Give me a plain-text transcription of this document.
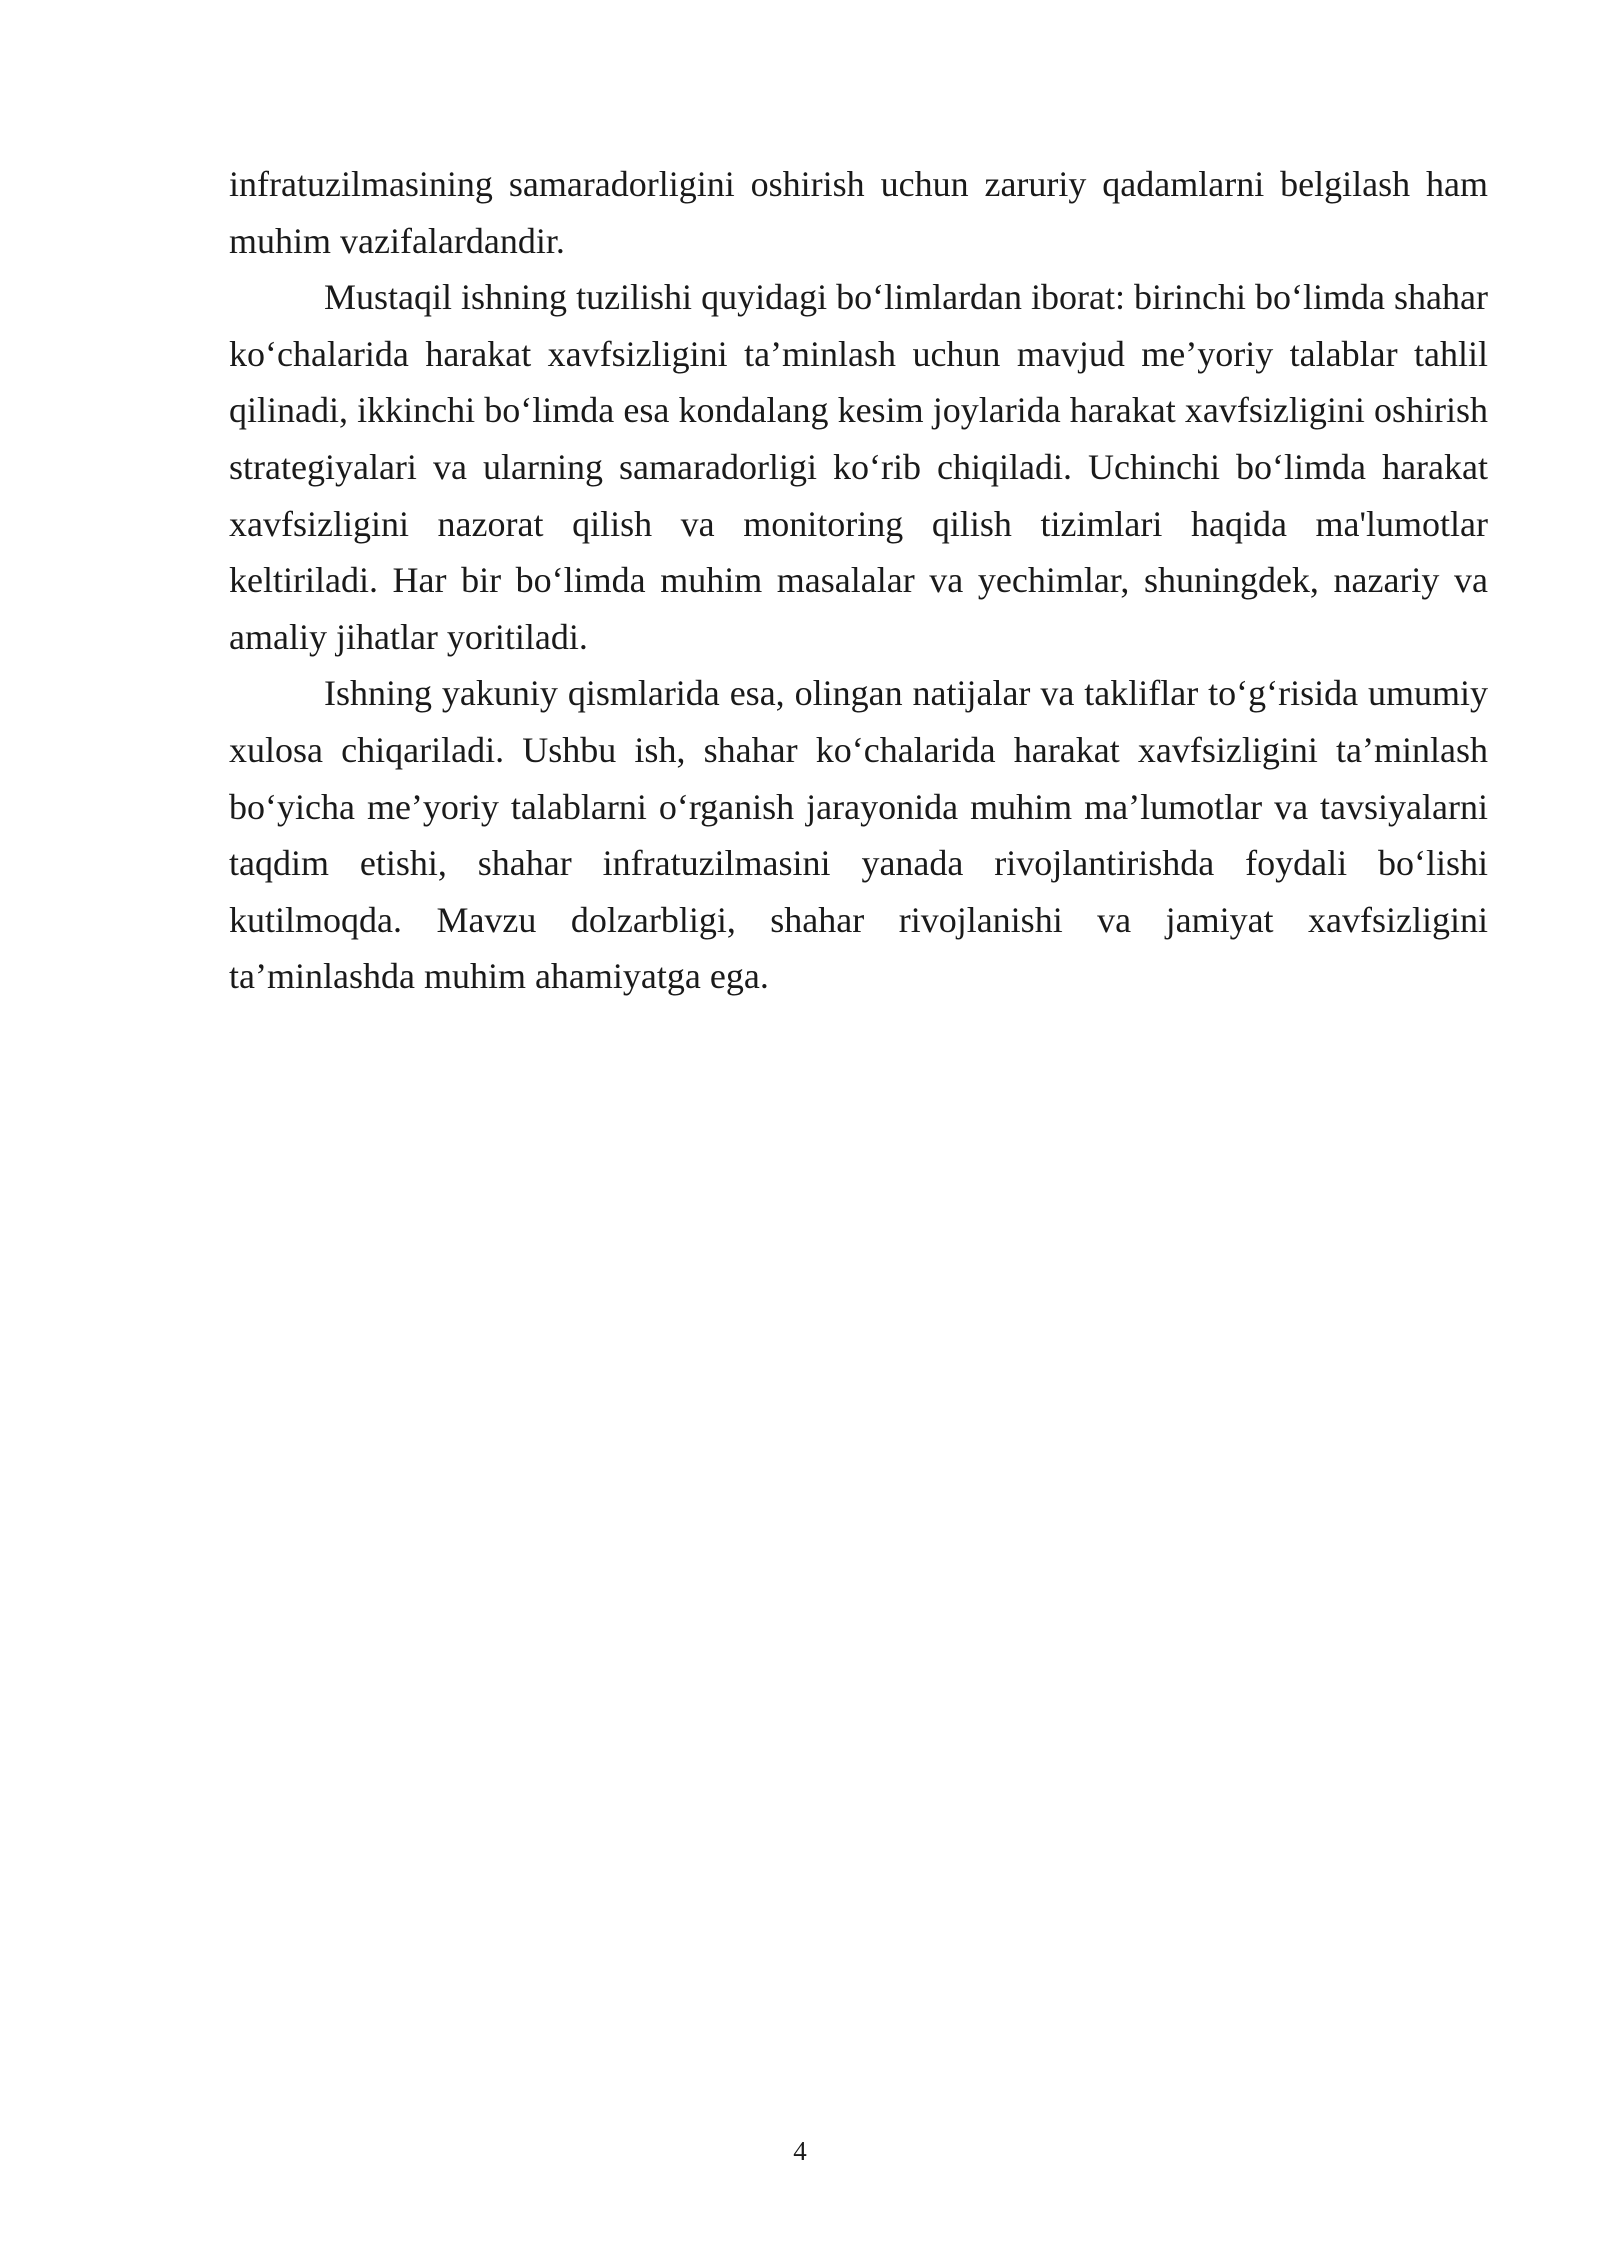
infratuzilmasining samaradorligini oshirish uchun zaruriy qadamlarni belgilash ham muhim vazifalardandir.

Mustaqil ishning tuzilishi quyidagi bo‘limlardan iborat: birinchi bo‘limda shahar ko‘chalarida harakat xavfsizligini ta’minlash uchun mavjud me’yoriy talablar tahlil qilinadi, ikkinchi bo‘limda esa kondalang kesim joylarida harakat xavfsizligini oshirish strategiyalari va ularning samaradorligi ko‘rib chiqiladi. Uchinchi bo‘limda harakat xavfsizligini nazorat qilish va monitoring qilish tizimlari haqida ma'lumotlar keltiriladi. Har bir bo‘limda muhim masalalar va yechimlar, shuningdek, nazariy va amaliy jihatlar yoritiladi.

Ishning yakuniy qismlarida esa, olingan natijalar va takliflar to‘g‘risida umumiy xulosa chiqariladi. Ushbu ish, shahar ko‘chalarida harakat xavfsizligini ta’minlash bo‘yicha me’yoriy talablarni o‘rganish jarayonida muhim ma’lumotlar va tavsiyalarni taqdim etishi, shahar infratuzilmasini yanada rivojlantirishda foydali bo‘lishi kutilmoqda. Mavzu dolzarbligi, shahar rivojlanishi va jamiyat xavfsizligini ta’minlashda muhim ahamiyatga ega.

4
